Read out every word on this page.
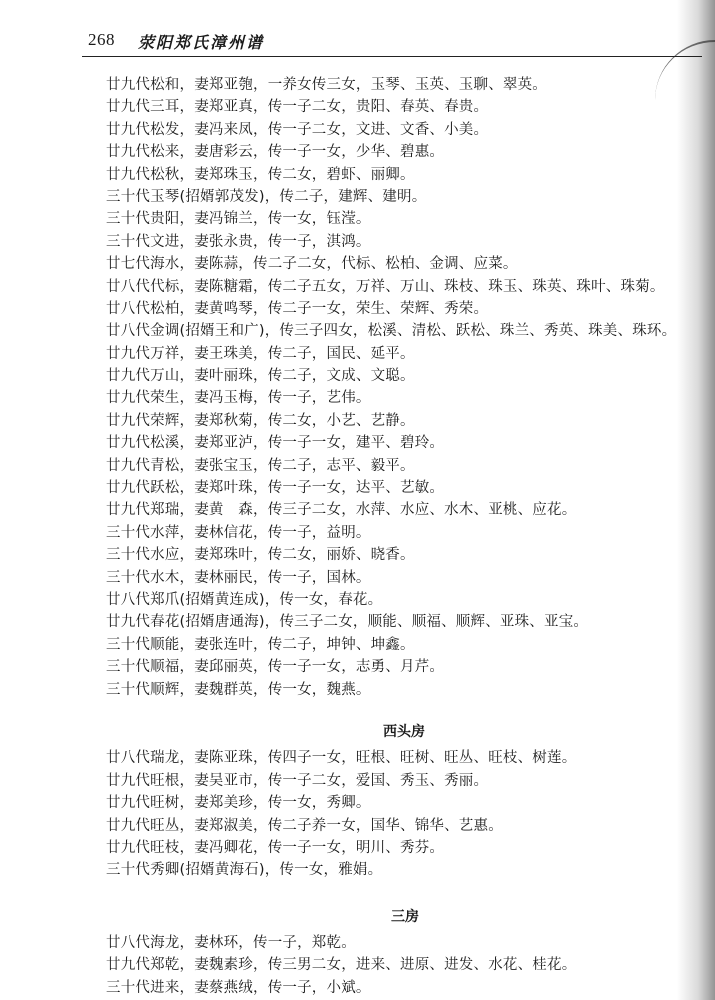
268 荥阳郑氏漳州谱
廿九代松和，妻郑亚匏，一养女传三女，玉琴、玉英、玉聊、翠英。
廿九代三耳，妻郑亚真，传一子二女，贵阳、春英、春贵。
廿九代松发，妻冯来凤，传一子二女，文进、文香、小美。
廿九代松来，妻唐彩云，传一子一女，少华、碧惠。
廿九代松秋，妻郑珠玉，传二女，碧虾、丽卿。
三十代玉琴(招婿郭茂发)，传二子，建辉、建明。
三十代贵阳，妻冯锦兰，传一女，钰滢。
三十代文进，妻张永贵，传一子，淇鸿。
廿七代海水，妻陈蒜，传二子二女，代标、松柏、金调、应菜。
廿八代代标，妻陈糖霜，传二子五女，万祥、万山、珠枝、珠玉、珠英、珠叶、珠菊。
廿八代松柏，妻黄鸣琴，传二子一女，荣生、荣辉、秀荣。
廿八代金调(招婿王和广)，传三子四女，松溪、清松、跃松、珠兰、秀英、珠美、珠环。
廿九代万祥，妻王珠美，传二子，国民、延平。
廿九代万山，妻叶丽珠，传二子，文成、文聪。
廿九代荣生，妻冯玉梅，传一子，艺伟。
廿九代荣辉，妻郑秋菊，传二女，小艺、艺静。
廿九代松溪，妻郑亚泸，传一子一女，建平、碧玲。
廿九代青松，妻张宝玉，传二子，志平、毅平。
廿九代跃松，妻郑叶珠，传一子一女，达平、艺敏。
廿九代郑瑞，妻黄　森，传三子二女，水萍、水应、水木、亚桃、应花。
三十代水萍，妻林信花，传一子，益明。
三十代水应，妻郑珠叶，传二女，丽娇、晓香。
三十代水木，妻林丽民，传一子，国林。
廿八代郑爪(招婿黄连成)，传一女，春花。
廿九代春花(招婿唐通海)，传三子二女，顺能、顺福、顺辉、亚珠、亚宝。
三十代顺能，妻张连叶，传二子，坤钟、坤鑫。
三十代顺福，妻邱丽英，传一子一女，志勇、月芹。
三十代顺辉，妻魏群英，传一女，魏燕。
西头房
廿八代瑞龙，妻陈亚珠，传四子一女，旺根、旺树、旺丛、旺枝、树莲。
廿九代旺根，妻吴亚市，传一子二女，爱国、秀玉、秀丽。
廿九代旺树，妻郑美珍，传一女，秀卿。
廿九代旺丛，妻郑淑美，传二子养一女，国华、锦华、艺惠。
廿九代旺枝，妻冯卿花，传一子一女，明川、秀芬。
三十代秀卿(招婿黄海石)，传一女，雅娟。
三房
廿八代海龙，妻林环，传一子，郑乾。
廿九代郑乾，妻魏素珍，传三男二女，进来、进原、进发、水花、桂花。
三十代进来，妻蔡燕绒，传一子，小斌。
